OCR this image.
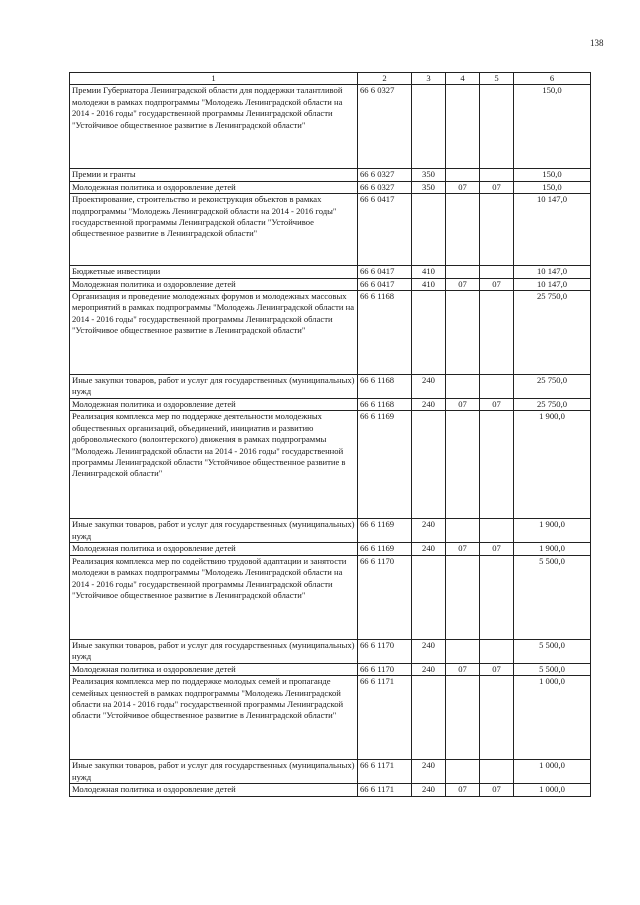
138
1	2	3	4	5	6
Премии Губернатора Ленинградской области для поддержки талантливой молодежи в рамках подпрограммы "Молодежь Ленинградской области на 2014 - 2016 годы" государственной программы Ленинградской области "Устойчивое общественное развитие в Ленинградской области"	66 6 0327				150,0
Премии и гранты	66 6 0327	350			150,0
Молодежная политика и оздоровление детей	66 6 0327	350	07	07	150,0
Проектирование, строительство и реконструкция объектов в рамках подпрограммы "Молодежь Ленинградской области на 2014 - 2016 годы" государственной программы Ленинградской области "Устойчивое общественное развитие в Ленинградской области"	66 6 0417				10 147,0
Бюджетные инвестиции	66 6 0417	410			10 147,0
Молодежная политика и оздоровление детей	66 6 0417	410	07	07	10 147,0
Организация и проведение молодежных форумов и молодежных массовых мероприятий в рамках подпрограммы "Молодежь Ленинградской области на 2014 - 2016 годы" государственной программы Ленинградской области "Устойчивое общественное развитие в Ленинградской области"	66 6 1168				25 750,0
Иные закупки товаров, работ и услуг для государственных (муниципальных) нужд	66 6 1168	240			25 750,0
Молодежная политика и оздоровление детей	66 6 1168	240	07	07	25 750,0
Реализация комплекса мер по поддержке деятельности молодежных общественных организаций, объединений, инициатив и развитию добровольческого (волонтерского) движения в рамках подпрограммы "Молодежь Ленинградской области на 2014 - 2016 годы" государственной программы Ленинградской области "Устойчивое общественное развитие в Ленинградской области"	66 6 1169				1 900,0
Иные закупки товаров, работ и услуг для государственных (муниципальных) нужд	66 6 1169	240			1 900,0
Молодежная политика и оздоровление детей	66 6 1169	240	07	07	1 900,0
Реализация комплекса мер по содействию трудовой адаптации и занятости молодежи в рамках подпрограммы "Молодежь Ленинградской области на 2014 - 2016 годы" государственной программы Ленинградской области "Устойчивое общественное развитие в Ленинградской области"	66 6 1170				5 500,0
Иные закупки товаров, работ и услуг для государственных (муниципальных) нужд	66 6 1170	240			5 500,0
Молодежная политика и оздоровление детей	66 6 1170	240	07	07	5 500,0
Реализация комплекса мер по поддержке молодых семей и пропаганде семейных ценностей в рамках подпрограммы "Молодежь Ленинградской области на 2014 - 2016 годы" государственной программы Ленинградской области "Устойчивое общественное развитие в Ленинградской области"	66 6 1171				1 000,0
Иные закупки товаров, работ и услуг для государственных (муниципальных) нужд	66 6 1171	240			1 000,0
Молодежная политика и оздоровление детей	66 6 1171	240	07	07	1 000,0
